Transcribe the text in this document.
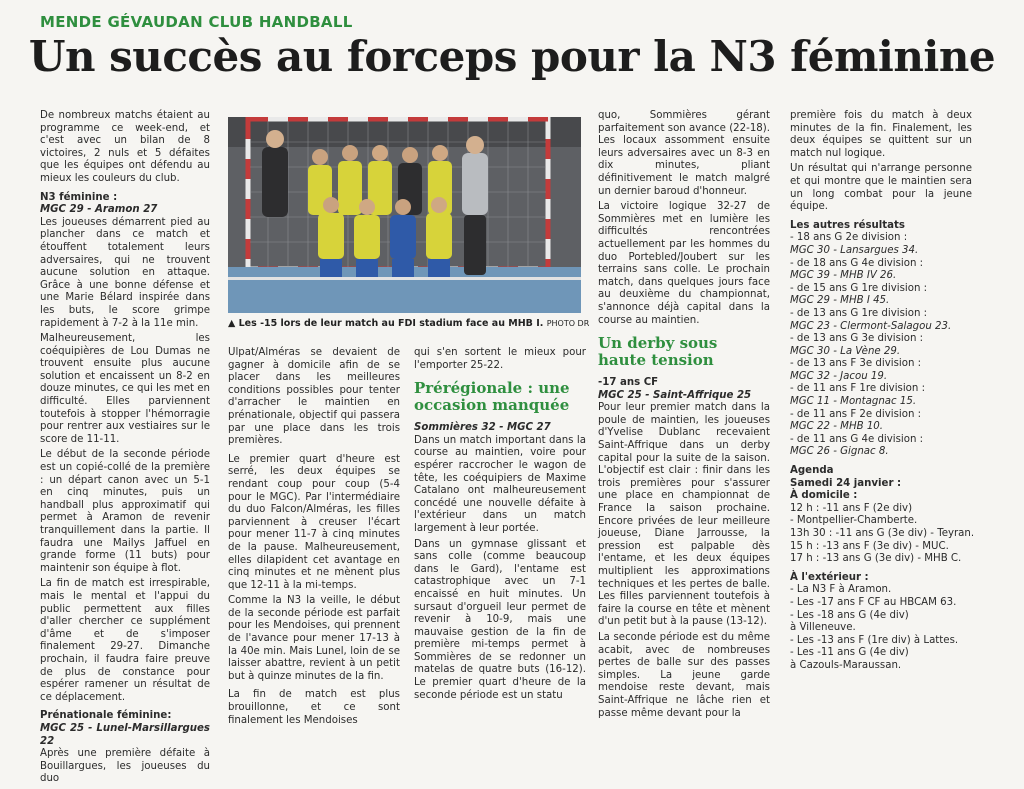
MENDE GÉVAUDAN CLUB HANDBALL
Un succès au forceps pour la N3 féminine

De nombreux matchs étaient au programme ce week-end, et c'est avec un bilan de 8 victoires, 2 nuls et 5 défaites que les équipes ont défendu au mieux les couleurs du club.

N3 féminine :
MGC 29 - Aramon 27

Les joueuses démarrent pied au plancher dans ce match et étouffent totalement leurs adversaires, qui ne trouvent aucune solution en attaque. Grâce à une bonne défense et une Marie Bélard inspirée dans les buts, le score grimpe rapidement à 7-2 à la 11e min.

Malheureusement, les coéquipières de Lou Dumas ne trouvent ensuite plus aucune solution et encaissent un 8-2 en douze minutes, ce qui les met en difficulté. Elles parviennent toutefois à stopper l'hémorragie pour rentrer aux vestiaires sur le score de 11-11.

Le début de la seconde période est un copié-collé de la première : un départ canon avec un 5-1 en cinq minutes, puis un handball plus approximatif qui permet à Aramon de revenir tranquillement dans la partie. Il faudra une Mailys Jaffuel en grande forme (11 buts) pour maintenir son équipe à flot.

La fin de match est irrespirable, mais le mental et l'appui du public permettent aux filles d'aller chercher ce supplément d'âme et de s'imposer finalement 29-27. Dimanche prochain, il faudra faire preuve de plus de constance pour espérer ramener un résultat de ce déplacement.

Prénationale féminine:
MGC 25 - Lunel-Marsillargues 22

Après une première défaite à Bouillargues, les joueuses du duo

▲ Les -15 lors de leur match au FDI stadium face au MHB I. PHOTO DR

Ulpat/Alméras se devaient de gagner à domicile afin de se placer dans les meilleures conditions possibles pour tenter d'arracher le maintien en prénationale, objectif qui passera par une place dans les trois premières.

Le premier quart d'heure est serré, les deux équipes se rendant coup pour coup (5-4 pour le MGC). Par l'intermédiaire du duo Falcon/Alméras, les filles parviennent à creuser l'écart pour mener 11-7 à cinq minutes de la pause. Malheureusement, elles dilapident cet avantage en cinq minutes et ne mènent plus que 12-11 à la mi-temps.

Comme la N3 la veille, le début de la seconde période est parfait pour les Mendoises, qui prennent de l'avance pour mener 17-13 à la 40e min. Mais Lunel, loin de se laisser abattre, revient à un petit but à quinze minutes de la fin.

La fin de match est plus brouillonne, et ce sont finalement les Mendoises

qui s'en sortent le mieux pour l'emporter 25-22.

Prérégionale : une occasion manquée
Sommières 32 - MGC 27

Dans un match important dans la course au maintien, voire pour espérer raccrocher le wagon de tête, les coéquipiers de Maxime Catalano ont malheureusement concédé une nouvelle défaite à l'extérieur dans un match largement à leur portée.

Dans un gymnase glissant et sans colle (comme beaucoup dans le Gard), l'entame est catastrophique avec un 7-1 encaissé en huit minutes. Un sursaut d'orgueil leur permet de revenir à 10-9, mais une mauvaise gestion de la fin de première mi-temps permet à Sommières de se redonner un matelas de quatre buts (16-12). Le premier quart d'heure de la seconde période est un statu

quo, Sommières gérant parfaitement son avance (22-18). Les locaux assomment ensuite leurs adversaires avec un 8-3 en dix minutes, pliant définitivement le match malgré un dernier baroud d'honneur.

La victoire logique 32-27 de Sommières met en lumière les difficultés rencontrées actuellement par les hommes du duo Portebled/Joubert sur les terrains sans colle. Le prochain match, dans quelques jours face au deuxième du championnat, s'annonce déjà capital dans la course au maintien.

Un derby sous haute tension
-17 ans CF
MGC 25 - Saint-Affrique 25

Pour leur premier match dans la poule de maintien, les joueuses d'Yvelise Dublanc recevaient Saint-Affrique dans un derby capital pour la suite de la saison. L'objectif est clair : finir dans les trois premières pour s'assurer une place en championnat de France la saison prochaine. Encore privées de leur meilleure joueuse, Diane Jarrousse, la pression est palpable dès l'entame, et les deux équipes multiplient les approximations techniques et les pertes de balle. Les filles parviennent toutefois à faire la course en tête et mènent d'un petit but à la pause (13-12).

La seconde période est du même acabit, avec de nombreuses pertes de balle sur des passes simples. La jeune garde mendoise reste devant, mais Saint-Affrique ne lâche rien et passe même devant pour la

première fois du match à deux minutes de la fin. Finalement, les deux équipes se quittent sur un match nul logique.

Un résultat qui n'arrange personne et qui montre que le maintien sera un long combat pour la jeune équipe.

Les autres résultats
- 18 ans G 2e division :
MGC 30 - Lansargues 34.
- de 18 ans G 4e division :
MGC 39 - MHB IV 26.
- de 15 ans G 1re division :
MGC 29 - MHB I 45.
- de 13 ans G 1re division :
MGC 23 - Clermont-Salagou 23.
- de 13 ans G 3e division :
MGC 30 - La Vène 29.
- de 13 ans F 3e division :
MGC 32 - Jacou 19.
- de 11 ans F 1re division :
MGC 11 - Montagnac 15.
- de 11 ans F 2e division :
MGC 22 - MHB 10.
- de 11 ans G 4e division :
MGC 26 - Gignac 8.
Agenda
Samedi 24 janvier :
À domicile :
12 h : -11 ans F (2e div)
- Montpellier-Chamberte.
13h 30 : -11 ans G (3e div) - Teyran.
15 h : -13 ans F (3e div) - MUC.
17 h : -13 ans G (3e div) - MHB C.
À l'extérieur :
- La N3 F à Aramon.
- Les -17 ans F CF au HBCAM 63.
- Les -18 ans G (4e div)
à Villeneuve.
- Les -13 ans F (1re div) à Lattes.
- Les -11 ans G (4e div)
à Cazouls-Maraussan.
